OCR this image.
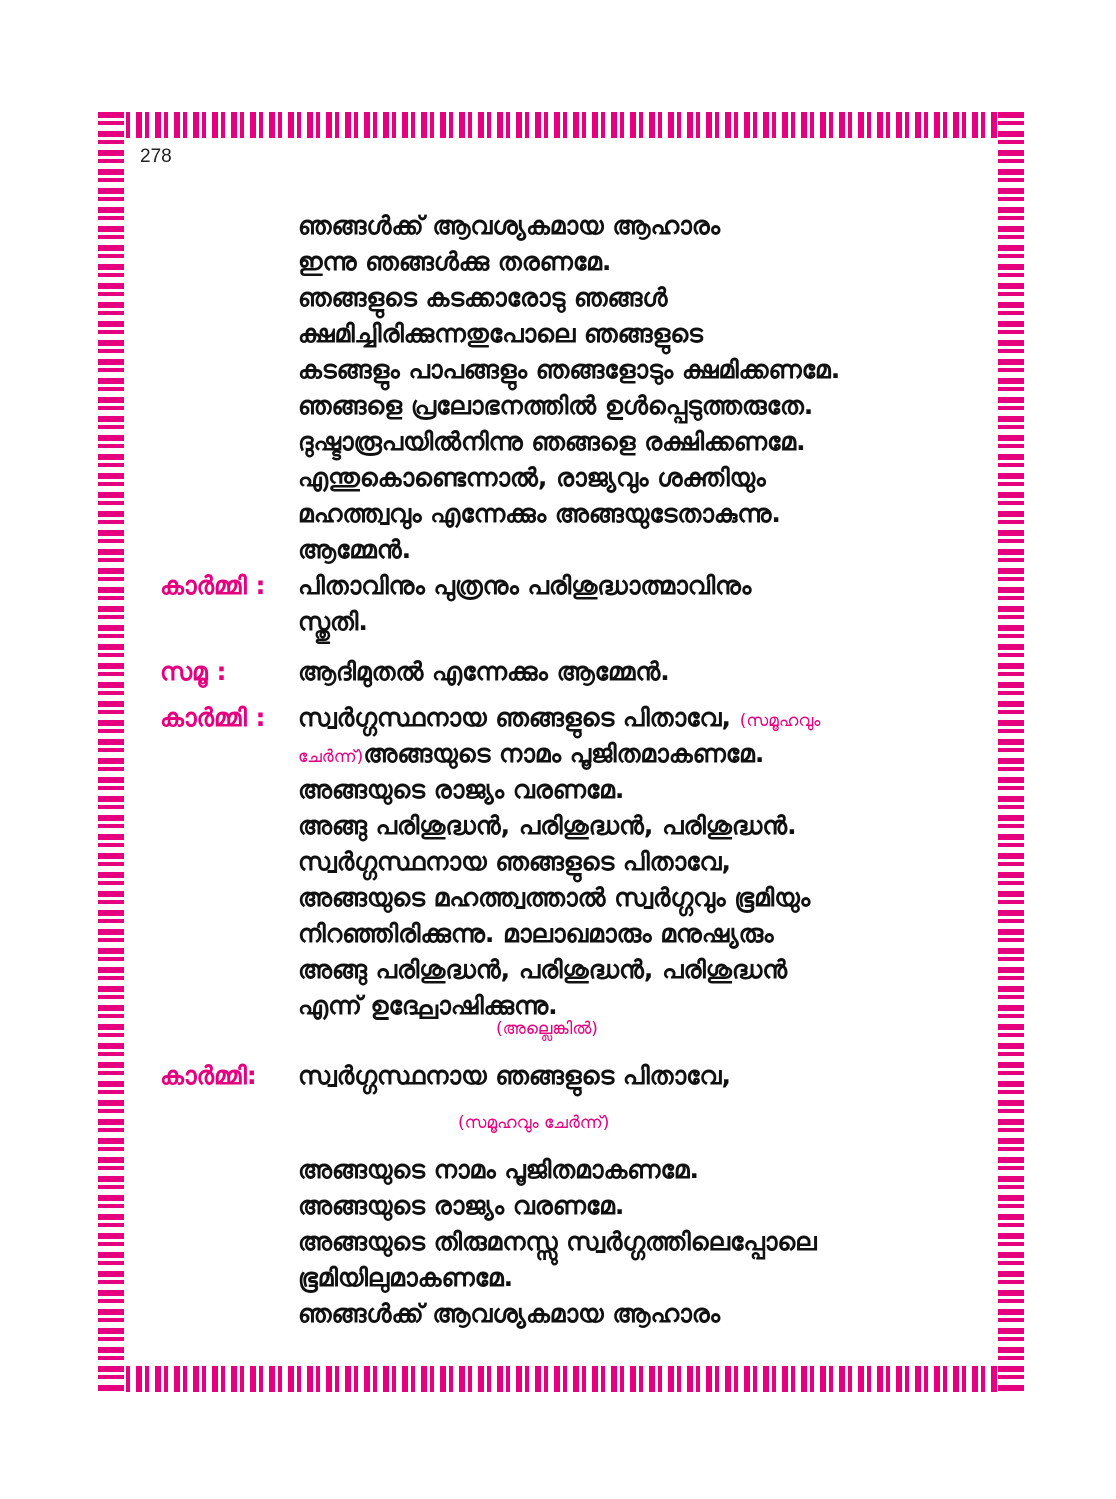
278
ഞങ്ങൾക്ക് ആവശ്യകമായ ആഹാരം
ഇന്നു ഞങ്ങൾക്കു തരണമേ.
ഞങ്ങളുടെ കടക്കാരോടു ഞങ്ങൾ
ക്ഷമിച്ചിരിക്കുന്നതുപോലെ ഞങ്ങളുടെ
കടങ്ങളും പാപങ്ങളും ഞങ്ങളോടും ക്ഷമിക്കണമേ.
ഞങ്ങളെ പ്രലോഭനത്തിൽ ഉൾപ്പെടുത്തരുതേ.
ദുഷ്ടാരൂപയിൽനിന്നു ഞങ്ങളെ രക്ഷിക്കണമേ.
എന്തുകൊണ്ടെന്നാൽ, രാജ്യവും ശക്തിയും
മഹത്ത്വവും എന്നേക്കും അങ്ങയുടേതാകുന്നു.
ആമ്മേൻ.
കാർമ്മി : പിതാവിനും പുത്രനും പരിശുദ്ധാത്മാവിനും
സ്തുതി.
സമൂ :	ആദിമുതൽ എന്നേക്കും ആമ്മേൻ.
കാർമ്മി : സ്വർഗ്ഗസ്ഥനായ ഞങ്ങളുടെ പിതാവേ, (സമൂഹവും
ചേർന്ന്)അങ്ങയുടെ നാമം പൂജിതമാകണമേ.
അങ്ങയുടെ രാജ്യം വരണമേ.
അങ്ങു പരിശുദ്ധൻ, പരിശുദ്ധൻ, പരിശുദ്ധൻ.
സ്വർഗ്ഗസ്ഥനായ ഞങ്ങളുടെ പിതാവേ,
അങ്ങയുടെ മഹത്ത്വത്താൽ സ്വർഗ്ഗവും ഭൂമിയും
നിറഞ്ഞിരിക്കുന്നു. മാലാഖമാരും മനുഷ്യരും
അങ്ങു പരിശുദ്ധൻ, പരിശുദ്ധൻ, പരിശുദ്ധൻ
എന്ന് ഉദ്ഘോഷിക്കുന്നു.
(അല്ലെങ്കിൽ)
കാർമ്മി: സ്വർഗ്ഗസ്ഥനായ ഞങ്ങളുടെ പിതാവേ,
(സമൂഹവും ചേർന്ന്)
അങ്ങയുടെ നാമം പൂജിതമാകണമേ.
അങ്ങയുടെ രാജ്യം വരണമേ.
അങ്ങയുടെ തിരുമനസ്സു സ്വർഗ്ഗത്തിലെപ്പോലെ
ഭൂമിയിലുമാകണമേ.
ഞങ്ങൾക്ക് ആവശ്യകമായ ആഹാരം
